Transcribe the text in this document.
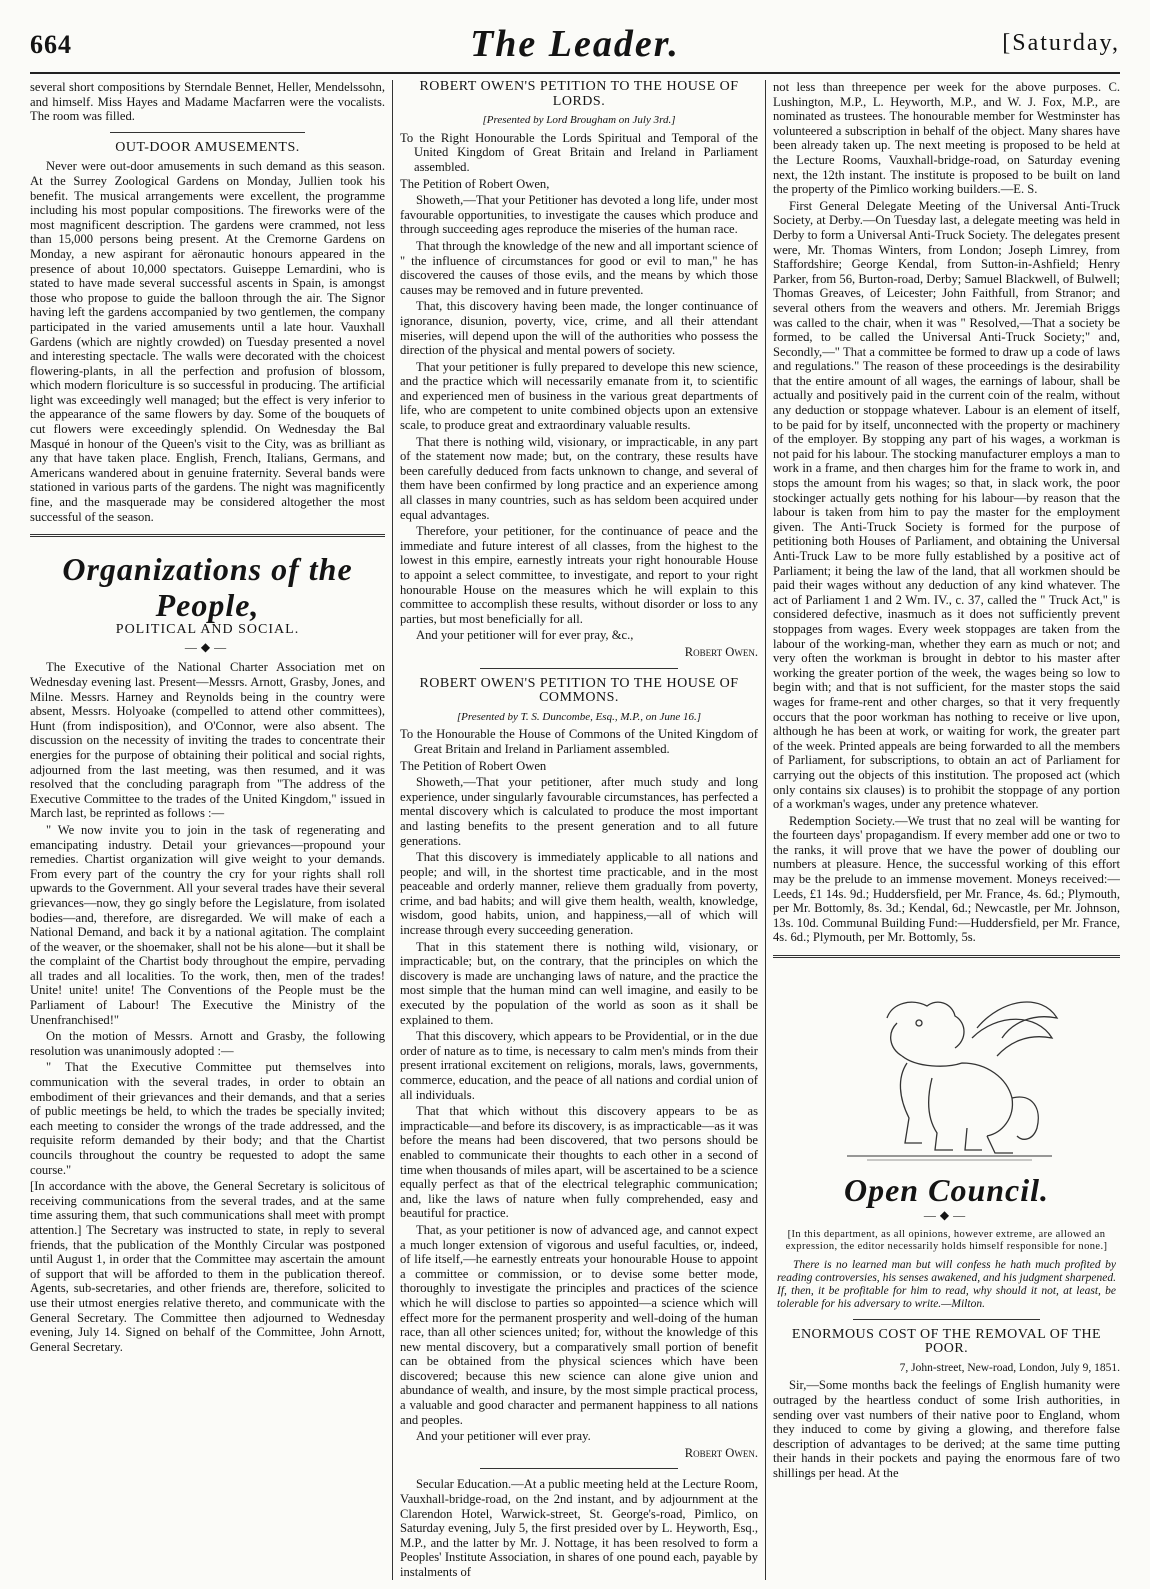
664	The Leader.	[Saturday,

several short compositions by Sterndale Bennet, Heller, Mendelssohn, and himself. Miss Hayes and Madame Macfarren were the vocalists. The room was filled.

OUT-DOOR AMUSEMENTS.

Never were out-door amusements in such demand as this season. At the Surrey Zoological Gardens on Monday, Jullien took his benefit. The musical arrangements were excellent, the programme including his most popular compositions. The fireworks were of the most magnificent description. The gardens were crammed, not less than 15,000 persons being present. At the Cremorne Gardens on Monday, a new aspirant for aëronautic honours appeared in the presence of about 10,000 spectators. Guiseppe Lemardini, who is stated to have made several successful ascents in Spain, is amongst those who propose to guide the balloon through the air. The Signor having left the gardens accompanied by two gentlemen, the company participated in the varied amusements until a late hour. Vauxhall Gardens (which are nightly crowded) on Tuesday presented a novel and interesting spectacle. The walls were decorated with the choicest flowering-plants, in all the perfection and profusion of blossom, which modern floriculture is so successful in producing. The artificial light was exceedingly well managed; but the effect is very inferior to the appearance of the same flowers by day. Some of the bouquets of cut flowers were exceedingly splendid. On Wednesday the Bal Masqué in honour of the Queen's visit to the City, was as brilliant as any that have taken place. English, French, Italians, Germans, and Americans wandered about in genuine fraternity. Several bands were stationed in various parts of the gardens. The night was magnificently fine, and the masquerade may be considered altogether the most successful of the season.

Organizations of the People,
POLITICAL AND SOCIAL.
—◆—

The Executive of the National Charter Association met on Wednesday evening last. Present—Messrs. Arnott, Grasby, Jones, and Milne. Messrs. Harney and Reynolds being in the country were absent, Messrs. Holyoake (compelled to attend other committees), Hunt (from indisposition), and O'Connor, were also absent. The discussion on the necessity of inviting the trades to concentrate their energies for the purpose of obtaining their political and social rights, adjourned from the last meeting, was then resumed, and it was resolved that the concluding paragraph from "The address of the Executive Committee to the trades of the United Kingdom," issued in March last, be reprinted as follows :—

" We now invite you to join in the task of regenerating and emancipating industry. Detail your grievances—propound your remedies. Chartist organization will give weight to your demands. From every part of the country the cry for your rights shall roll upwards to the Government. All your several trades have their several grievances—now, they go singly before the Legislature, from isolated bodies—and, therefore, are disregarded. We will make of each a National Demand, and back it by a national agitation. The complaint of the weaver, or the shoemaker, shall not be his alone—but it shall be the complaint of the Chartist body throughout the empire, pervading all trades and all localities. To the work, then, men of the trades! Unite! unite! unite! The Conventions of the People must be the Parliament of Labour! The Executive the Ministry of the Unenfranchised!"

On the motion of Messrs. Arnott and Grasby, the following resolution was unanimously adopted :—

" That the Executive Committee put themselves into communication with the several trades, in order to obtain an embodiment of their grievances and their demands, and that a series of public meetings be held, to which the trades be specially invited; each meeting to consider the wrongs of the trade addressed, and the requisite reform demanded by their body; and that the Chartist councils throughout the country be requested to adopt the same course."

[In accordance with the above, the General Secretary is solicitous of receiving communications from the several trades, and at the same time assuring them, that such communications shall meet with prompt attention.] The Secretary was instructed to state, in reply to several friends, that the publication of the Monthly Circular was postponed until August 1, in order that the Committee may ascertain the amount of support that will be afforded to them in the publication thereof. Agents, sub-secretaries, and other friends are, therefore, solicited to use their utmost energies relative thereto, and communicate with the General Secretary. The Committee then adjourned to Wednesday evening, July 14. Signed on behalf of the Committee, John Arnott, General Secretary.

ROBERT OWEN'S PETITION TO THE HOUSE OF LORDS.
[Presented by Lord Brougham on July 3rd.]

To the Right Honourable the Lords Spiritual and Temporal of the United Kingdom of Great Britain and Ireland in Parliament assembled.

The Petition of Robert Owen,

Showeth,—That your Petitioner has devoted a long life, under most favourable opportunities, to investigate the causes which produce and through succeeding ages reproduce the miseries of the human race.

That through the knowledge of the new and all important science of " the influence of circumstances for good or evil to man," he has discovered the causes of those evils, and the means by which those causes may be removed and in future prevented.

That, this discovery having been made, the longer continuance of ignorance, disunion, poverty, vice, crime, and all their attendant miseries, will depend upon the will of the authorities who possess the direction of the physical and mental powers of society.

That your petitioner is fully prepared to develope this new science, and the practice which will necessarily emanate from it, to scientific and experienced men of business in the various great departments of life, who are competent to unite combined objects upon an extensive scale, to produce great and extraordinary valuable results.

That there is nothing wild, visionary, or impracticable, in any part of the statement now made; but, on the contrary, these results have been carefully deduced from facts unknown to change, and several of them have been confirmed by long practice and an experience among all classes in many countries, such as has seldom been acquired under equal advantages.

Therefore, your petitioner, for the continuance of peace and the immediate and future interest of all classes, from the highest to the lowest in this empire, earnestly intreats your right honourable House to appoint a select committee, to investigate, and report to your right honourable House on the measures which he will explain to this committee to accomplish these results, without disorder or loss to any parties, but most beneficially for all.

And your petitioner will for ever pray, &c.,

Robert Owen.
ROBERT OWEN'S PETITION TO THE HOUSE OF COMMONS.
[Presented by T. S. Duncombe, Esq., M.P., on June 16.]

To the Honourable the House of Commons of the United Kingdom of Great Britain and Ireland in Parliament assembled.

The Petition of Robert Owen

Showeth,—That your petitioner, after much study and long experience, under singularly favourable circumstances, has perfected a mental discovery which is calculated to produce the most important and lasting benefits to the present generation and to all future generations.

That this discovery is immediately applicable to all nations and people; and will, in the shortest time practicable, and in the most peaceable and orderly manner, relieve them gradually from poverty, crime, and bad habits; and will give them health, wealth, knowledge, wisdom, good habits, union, and happiness,—all of which will increase through every succeeding generation.

That in this statement there is nothing wild, visionary, or impracticable; but, on the contrary, that the principles on which the discovery is made are unchanging laws of nature, and the practice the most simple that the human mind can well imagine, and easily to be executed by the population of the world as soon as it shall be explained to them.

That this discovery, which appears to be Providential, or in the due order of nature as to time, is necessary to calm men's minds from their present irrational excitement on religions, morals, laws, governments, commerce, education, and the peace of all nations and cordial union of all individuals.

That that which without this discovery appears to be as impracticable—and before its discovery, is as impracticable—as it was before the means had been discovered, that two persons should be enabled to communicate their thoughts to each other in a second of time when thousands of miles apart, will be ascertained to be a science equally perfect as that of the electrical telegraphic communication; and, like the laws of nature when fully comprehended, easy and beautiful for practice.

That, as your petitioner is now of advanced age, and cannot expect a much longer extension of vigorous and useful faculties, or, indeed, of life itself,—he earnestly entreats your honourable House to appoint a committee or commission, or to devise some better mode, thoroughly to investigate the principles and practices of the science which he will disclose to parties so appointed—a science which will effect more for the permanent prosperity and well-doing of the human race, than all other sciences united; for, without the knowledge of this new mental discovery, but a comparatively small portion of benefit can be obtained from the physical sciences which have been discovered; because this new science can alone give union and abundance of wealth, and insure, by the most simple practical process, a valuable and good character and permanent happiness to all nations and peoples.

And your petitioner will ever pray.

Robert Owen.

Secular Education.—At a public meeting held at the Lecture Room, Vauxhall-bridge-road, on the 2nd instant, and by adjournment at the Clarendon Hotel, Warwick-street, St. George's-road, Pimlico, on Saturday evening, July 5, the first presided over by L. Heyworth, Esq., M.P., and the latter by Mr. J. Nottage, it has been resolved to form a Peoples' Institute Association, in shares of one pound each, payable by instalments of

not less than threepence per week for the above purposes. C. Lushington, M.P., L. Heyworth, M.P., and W. J. Fox, M.P., are nominated as trustees. The honourable member for Westminster has volunteered a subscription in behalf of the object. Many shares have been already taken up. The next meeting is proposed to be held at the Lecture Rooms, Vauxhall-bridge-road, on Saturday evening next, the 12th instant. The institute is proposed to be built on land the property of the Pimlico working builders.—E. S.

First General Delegate Meeting of the Universal Anti-Truck Society, at Derby.—On Tuesday last, a delegate meeting was held in Derby to form a Universal Anti-Truck Society. The delegates present were, Mr. Thomas Winters, from London; Joseph Limrey, from Staffordshire; George Kendal, from Sutton-in-Ashfield; Henry Parker, from 56, Burton-road, Derby; Samuel Blackwell, of Bulwell; Thomas Greaves, of Leicester; John Faithfull, from Stranor; and several others from the weavers and others. Mr. Jeremiah Briggs was called to the chair, when it was " Resolved,—That a society be formed, to be called the Universal Anti-Truck Society;" and, Secondly,—" That a committee be formed to draw up a code of laws and regulations." The reason of these proceedings is the desirability that the entire amount of all wages, the earnings of labour, shall be actually and positively paid in the current coin of the realm, without any deduction or stoppage whatever. Labour is an element of itself, to be paid for by itself, unconnected with the property or machinery of the employer. By stopping any part of his wages, a workman is not paid for his labour. The stocking manufacturer employs a man to work in a frame, and then charges him for the frame to work in, and stops the amount from his wages; so that, in slack work, the poor stockinger actually gets nothing for his labour—by reason that the labour is taken from him to pay the master for the employment given. The Anti-Truck Society is formed for the purpose of petitioning both Houses of Parliament, and obtaining the Universal Anti-Truck Law to be more fully established by a positive act of Parliament; it being the law of the land, that all workmen should be paid their wages without any deduction of any kind whatever. The act of Parliament 1 and 2 Wm. IV., c. 37, called the " Truck Act," is considered defective, inasmuch as it does not sufficiently prevent stoppages from wages. Every week stoppages are taken from the labour of the working-man, whether they earn as much or not; and very often the workman is brought in debtor to his master after working the greater portion of the week, the wages being so low to begin with; and that is not sufficient, for the master stops the said wages for frame-rent and other charges, so that it very frequently occurs that the poor workman has nothing to receive or live upon, although he has been at work, or waiting for work, the greater part of the week. Printed appeals are being forwarded to all the members of Parliament, for subscriptions, to obtain an act of Parliament for carrying out the objects of this institution. The proposed act (which only contains six clauses) is to prohibit the stoppage of any portion of a workman's wages, under any pretence whatever.

Redemption Society.—We trust that no zeal will be wanting for the fourteen days' propagandism. If every member add one or two to the ranks, it will prove that we have the power of doubling our numbers at pleasure. Hence, the successful working of this effort may be the prelude to an immense movement. Moneys received:—Leeds, £1 14s. 9d.; Huddersfield, per Mr. France, 4s. 6d.; Plymouth, per Mr. Bottomly, 8s. 3d.; Kendal, 6d.; Newcastle, per Mr. Johnson, 13s. 10d. Communal Building Fund:—Huddersfield, per Mr. France, 4s. 6d.; Plymouth, per Mr. Bottomly, 5s.

Open Council.
—◆—
[In this department, as all opinions, however extreme, are allowed an expression, the editor necessarily holds himself responsible for none.]
There is no learned man but will confess he hath much profited by reading controversies, his senses awakened, and his judgment sharpened. If, then, it be profitable for him to read, why should it not, at least, be tolerable for his adversary to write.—Milton.
ENORMOUS COST OF THE REMOVAL OF THE POOR.
7, John-street, New-road, London, July 9, 1851.

Sir,—Some months back the feelings of English humanity were outraged by the heartless conduct of some Irish authorities, in sending over vast numbers of their native poor to England, whom they induced to come by giving a glowing, and therefore false description of advantages to be derived; at the same time putting their hands in their pockets and paying the enormous fare of two shillings per head. At the
